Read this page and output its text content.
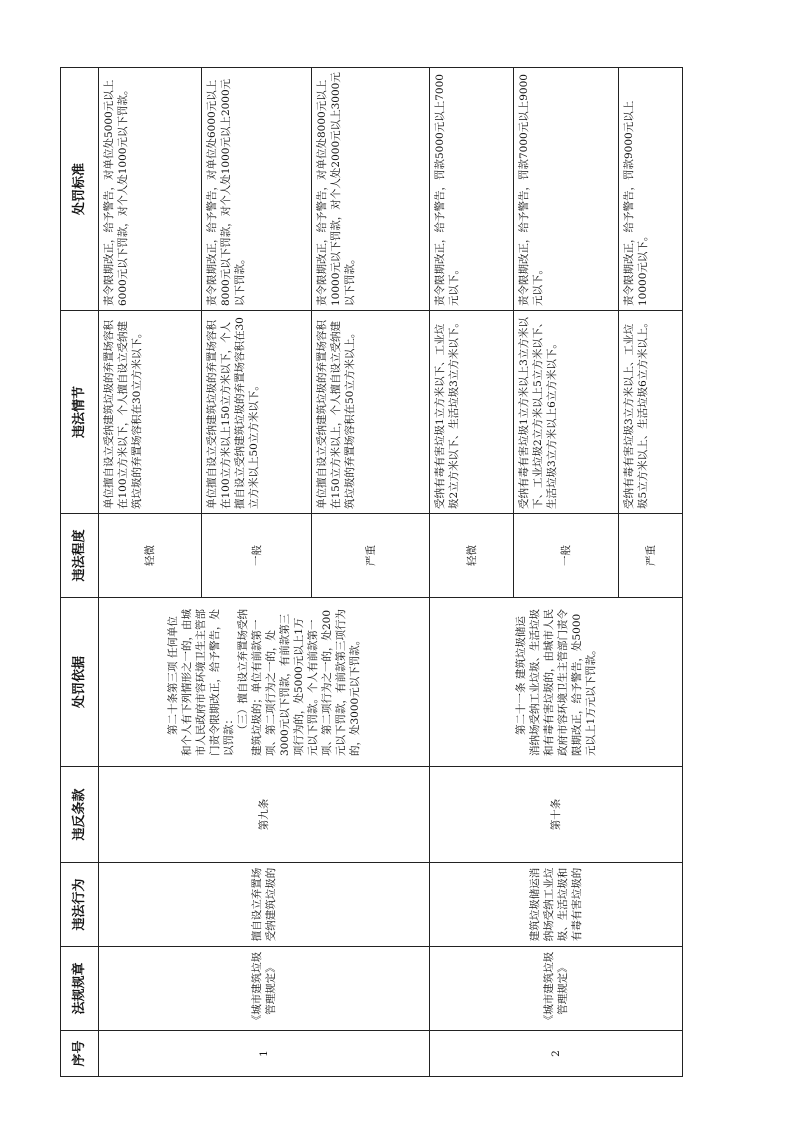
序号	法规规章	违法行为	违反条款	处罚依据	违法程度	违法情节	处罚标准
1	《城市建筑垃圾管理规定》	擅自设立弃置场受纳建筑垃圾的	第九条	第二十条第三项 任何单位和个人有下列情形之一的，由城市人民政府市容环境卫生主管部门责令限期改正，给予警告，处以罚款： （三）擅自设立弃置场受纳建筑垃圾的；单位有前款第一项、第二项行为之一的，处3000元以下罚款，有前款第三项行为的，处5000元以上1万元以下罚款。个人有前款第一项、第二项行为之一的，处200元以下罚款，有前款第三项行为的，处3000元以下罚款。	轻微	单位擅自设立受纳建筑垃圾的弃置场容积在100立方米以下，个人擅自设立受纳建筑垃圾的弃置场容积在30立方米以下。	责令限期改正，给予警告，对单位处5000元以上6000元以下罚款，对个人处1000元以下罚款。
					一般	单位擅自设立受纳建筑垃圾的弃置场容积在100立方米以上150立方米以下，个人擅自设立受纳建筑垃圾的弃置场容积在30立方米以上50立方米以下。	责令限期改正，给予警告，对单位处6000元以上8000元以下罚款，对个人处1000元以上2000元以下罚款。
					严重	单位擅自设立受纳建筑垃圾的弃置场容积在150立方米以上，个人擅自设立受纳建筑垃圾的弃置场容积在50立方米以上。	责令限期改正，给予警告，对单位处8000元以上10000元以下罚款，对个人处2000元以上3000元以下罚款。
2	《城市建筑垃圾管理规定》	建筑垃圾储运消纳场受纳工业垃圾、生活垃圾和有毒有害垃圾的	第十条	第二十一条 建筑垃圾储运消纳场受纳工业垃圾、生活垃圾和有毒有害垃圾的，由城市人民政府市容环境卫生主管部门责令限期改正，给予警告，处5000元以上1万元以下罚款。	轻微	受纳有毒有害垃圾1立方米以下、工业垃圾2立方米以下、生活垃圾3立方米以下。	责令限期改正，给予警告，罚款5000元以上7000元以下。
					一般	受纳有毒有害垃圾1立方米以上3立方米以下、工业垃圾2立方米以上5立方米以下、生活垃圾3立方米以上6立方米以下。	责令限期改正，给予警告，罚款7000元以上9000元以下。
					严重	受纳有毒有害垃圾3立方米以上、工业垃圾5立方米以上、生活垃圾6立方米以上。	责令限期改正，给予警告，罚款9000元以上10000元以下。
